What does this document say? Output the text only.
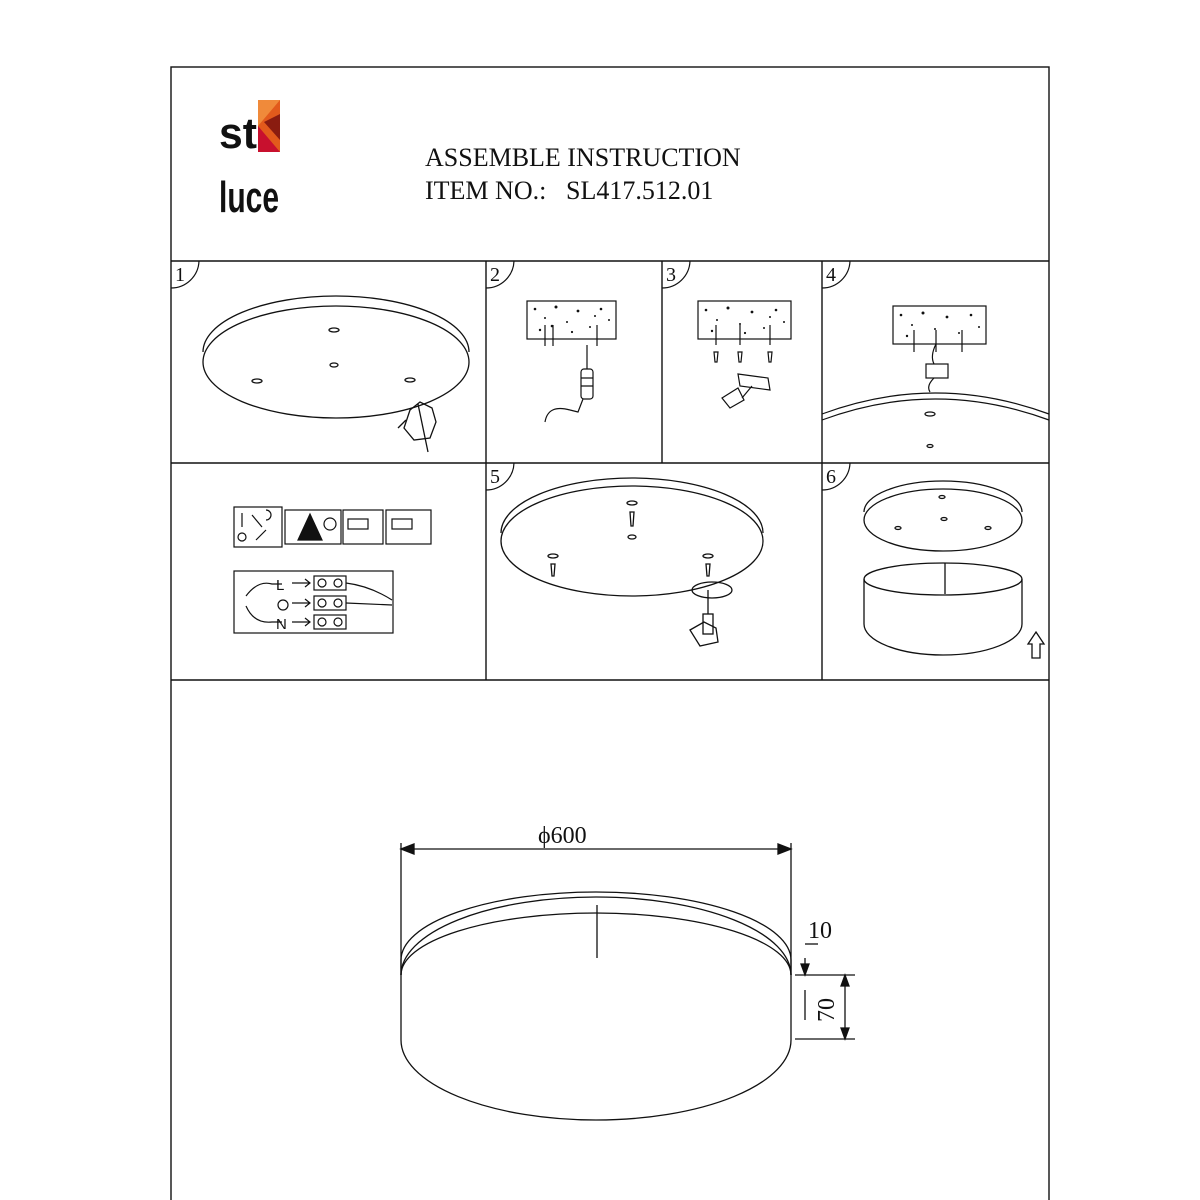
st
luce
ASSEMBLE INSTRUCTION
ITEM NO.: SL417.512.01
1	2	3	4
5	6
L
N
ϕ600
10
70
